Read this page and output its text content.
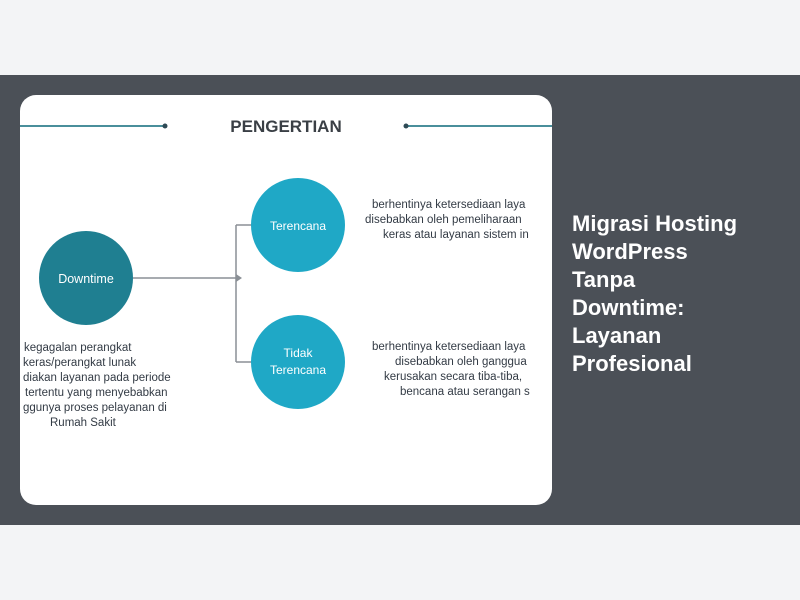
PENGERTIAN
Downtime
Terencana
Tidak
Terencana
kegagalan perangkat
keras/perangkat lunak
diakan layanan pada periode
tertentu yang menyebabkan
ggunya proses pelayanan di
Rumah Sakit
berhentinya ketersediaan laya
disebabkan oleh pemeliharaan
keras atau layanan sistem in
berhentinya ketersediaan laya
disebabkan oleh ganggua
kerusakan secara tiba-tiba,
bencana atau serangan s
Migrasi Hosting
WordPress
Tanpa
Downtime:
Layanan
Profesional
